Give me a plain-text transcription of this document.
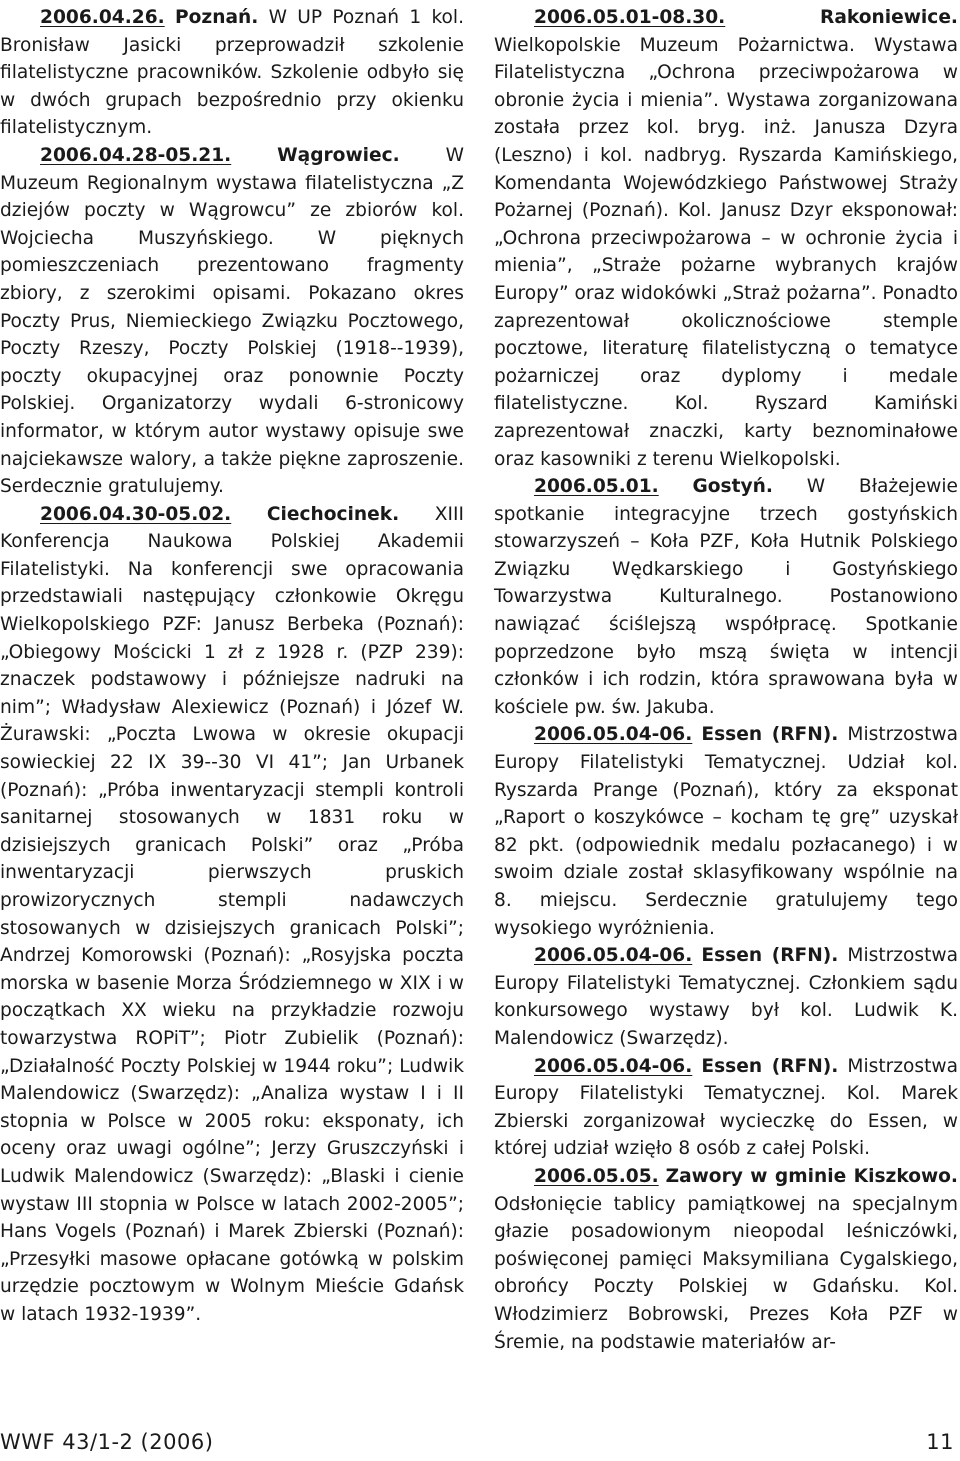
2006.04.26. Poznań. W UP Poznań 1 kol. Bronisław Jasicki przeprowadził szkolenie filatelistyczne pracowników. Szkolenie odbyło się w dwóch grupach bezpośrednio przy okienku filatelistycznym.

2006.04.28-05.21. Wągrowiec. W Muzeum Regionalnym wystawa filatelistyczna „Z dziejów poczty w Wągrowcu” ze zbiorów kol. Wojciecha Muszyńskiego. W pięknych pomieszczeniach prezentowano fragmenty zbiory, z szerokimi opisami. Pokazano okres Poczty Prus, Niemieckiego Związku Pocztowego, Poczty Rzeszy, Poczty Polskiej (1918--1939), poczty okupacyjnej oraz ponownie Poczty Polskiej. Organizatorzy wydali 6-stronicowy informator, w którym autor wystawy opisuje swe najciekawsze walory, a także piękne zaproszenie. Serdecznie gratulujemy.

2006.04.30-05.02. Ciechocinek. XIII Konferencja Naukowa Polskiej Akademii Filatelistyki. Na konferencji swe opracowania przedstawiali następujący członkowie Okręgu Wielkopolskiego PZF: Janusz Berbeka (Poznań): „Obiegowy Mościcki 1 zł z 1928 r. (PZP 239): znaczek podstawowy i późniejsze nadruki na nim”; Władysław Alexiewicz (Poznań) i Józef W. Żurawski: „Poczta Lwowa w okresie okupacji sowieckiej 22 IX 39--30 VI 41”; Jan Urbanek (Poznań): „Próba inwentaryzacji stempli kontroli sanitarnej stosowanych w 1831 roku w dzisiejszych granicach Polski” oraz „Próba inwentaryzacji pierwszych pruskich prowizorycznych stempli nadawczych stosowanych w dzisiejszych granicach Polski”; Andrzej Komorowski (Poznań): „Rosyjska poczta morska w basenie Morza Śródziemnego w XIX i w początkach XX wieku na przykładzie rozwoju towarzystwa ROPiT”; Piotr Zubielik (Poznań): „Działalność Poczty Polskiej w 1944 roku”; Ludwik Malendowicz (Swarzędz): „Analiza wystaw I i II stopnia w Polsce w 2005 roku: eksponaty, ich oceny oraz uwagi ogólne”; Jerzy Gruszczyński i Ludwik Malendowicz (Swarzędz): „Blaski i cienie wystaw III stopnia w Polsce w latach 2002-2005”; Hans Vogels (Poznań) i Marek Zbierski (Poznań): „Przesyłki masowe opłacane gotówką w polskim urzędzie pocztowym w Wolnym Mieście Gdańsk w latach 1932-1939”.

2006.05.01-08.30.	Rakoniewice. Wielkopolskie Muzeum Pożarnictwa. Wystawa Filatelistyczna „Ochrona przeciwpożarowa w obronie życia i mienia”. Wystawa zorganizowana została przez kol. bryg. inż. Janusza Dzyra (Leszno) i kol. nadbryg. Ryszarda Kamińskiego, Komendanta Wojewódzkiego Państwowej Straży Pożarnej (Poznań). Kol. Janusz Dzyr eksponował: „Ochrona przeciwpożarowa – w ochronie życia i mienia”, „Straże pożarne wybranych krajów Europy” oraz widokówki „Straż pożarna”. Ponadto zaprezentował okolicznościowe stemple pocztowe, literaturę filatelistyczną o tematyce pożarniczej oraz dyplomy i medale filatelistyczne. Kol. Ryszard Kamiński zaprezentował znaczki, karty beznominałowe oraz kasowniki z terenu Wielkopolski.

2006.05.01. Gostyń. W Błażejewie spotkanie integracyjne trzech gostyńskich stowarzyszeń – Koła PZF, Koła Hutnik Polskiego Związku Wędkarskiego i Gostyńskiego Towarzystwa Kulturalnego. Postanowiono nawiązać ściślejszą współpracę. Spotkanie poprzedzone było mszą święta w intencji członków i ich rodzin, która sprawowana była w kościele pw. św. Jakuba.

2006.05.04-06. Essen (RFN). Mistrzostwa Europy Filatelistyki Tematycznej. Udział kol. Ryszarda Prange (Poznań), który za eksponat „Raport o koszykówce – kocham tę grę” uzyskał 82 pkt. (odpowiednik medalu pozłacanego) i w swoim dziale został sklasyfikowany wspólnie na 8. miejscu. Serdecznie gratulujemy tego wysokiego wyróżnienia.

2006.05.04-06. Essen (RFN). Mistrzostwa Europy Filatelistyki Tematycznej. Członkiem sądu konkursowego wystawy był kol. Ludwik K. Malendowicz (Swarzędz).

2006.05.04-06. Essen (RFN). Mistrzostwa Europy Filatelistyki Tematycznej. Kol. Marek Zbierski zorganizował wycieczkę do Essen, w której udział wzięło 8 osób z całej Polski.

2006.05.05. Zawory w gminie Kiszkowo. Odsłonięcie tablicy pamiątkowej na specjalnym głazie posadowionym nieopodal leśniczówki, poświęconej pamięci Maksymiliana Cygalskiego, obrońcy Poczty Polskiej w Gdańsku. Kol. Włodzimierz Bobrowski, Prezes Koła PZF w Śremie, na podstawie materiałów ar-

WWF 43/1-2 (2006)	11
